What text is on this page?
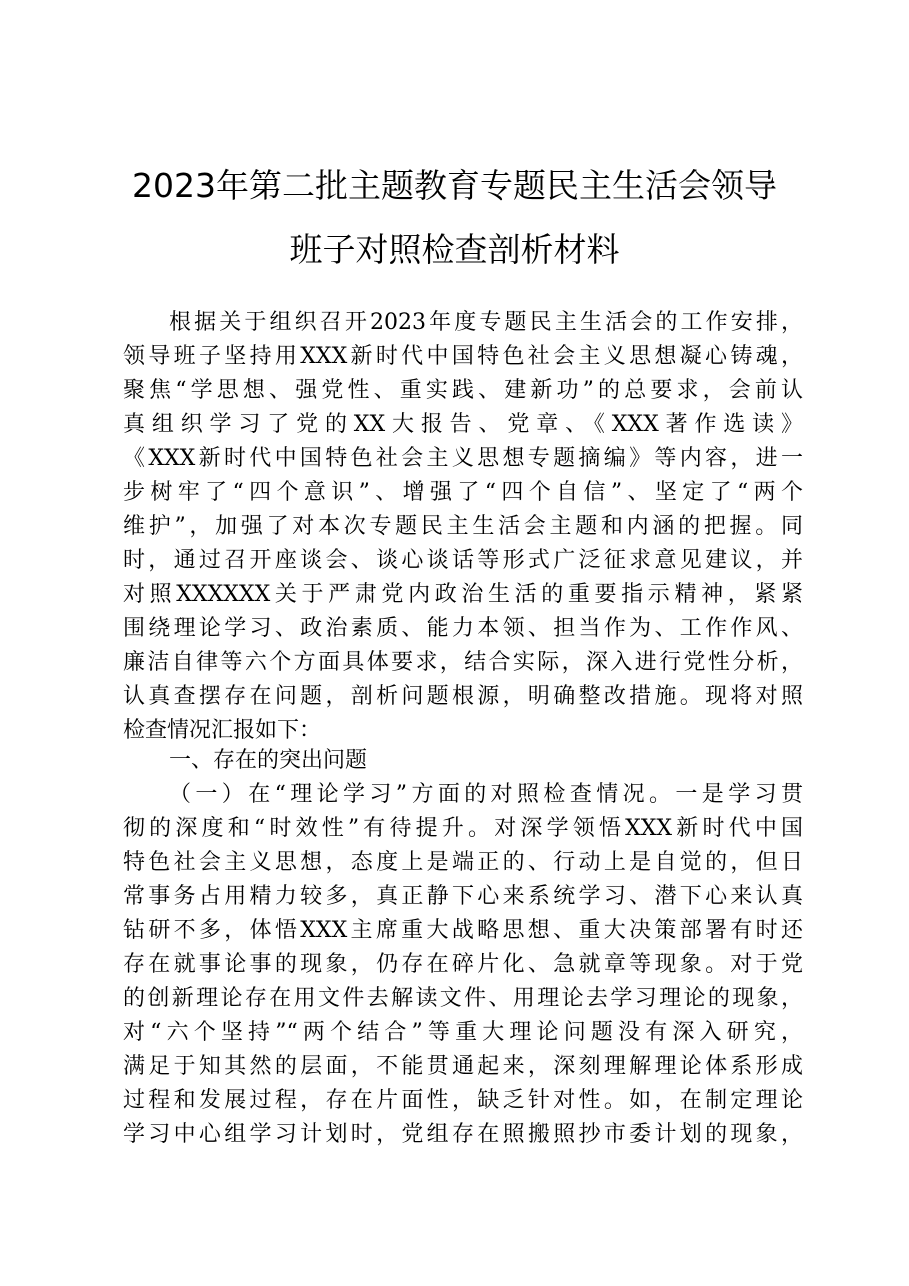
2023年第二批主题教育专题民主生活会领导
班子对照检查剖析材料
根据关于组织召开2023年度专题民主生活会的工作安排，
领导班子坚持用XXX新时代中国特色社会主义思想凝心铸魂，
聚焦“学思想、强党性、重实践、建新功”的总要求，会前认
真组织学习了党的XX大报告、党章、《XXX著作选读》
《XXX新时代中国特色社会主义思想专题摘编》等内容，进一
步树牢了“四个意识”、增强了“四个自信”、坚定了“两个
维护”，加强了对本次专题民主生活会主题和内涵的把握。同
时，通过召开座谈会、谈心谈话等形式广泛征求意见建议，并
对照XXXXXX关于严肃党内政治生活的重要指示精神，紧紧
围绕理论学习、政治素质、能力本领、担当作为、工作作风、
廉洁自律等六个方面具体要求，结合实际，深入进行党性分析，
认真查摆存在问题，剖析问题根源，明确整改措施。现将对照
检查情况汇报如下：
一、存在的突出问题
（一）在“理论学习”方面的对照检查情况。一是学习贯
彻的深度和“时效性”有待提升。对深学领悟XXX新时代中国
特色社会主义思想，态度上是端正的、行动上是自觉的，但日
常事务占用精力较多，真正静下心来系统学习、潜下心来认真
钻研不多，体悟XXX主席重大战略思想、重大决策部署有时还
存在就事论事的现象，仍存在碎片化、急就章等现象。对于党
的创新理论存在用文件去解读文件、用理论去学习理论的现象，
对“六个坚持”“两个结合”等重大理论问题没有深入研究，
满足于知其然的层面，不能贯通起来，深刻理解理论体系形成
过程和发展过程，存在片面性，缺乏针对性。如，在制定理论
学习中心组学习计划时，党组存在照搬照抄市委计划的现象，
